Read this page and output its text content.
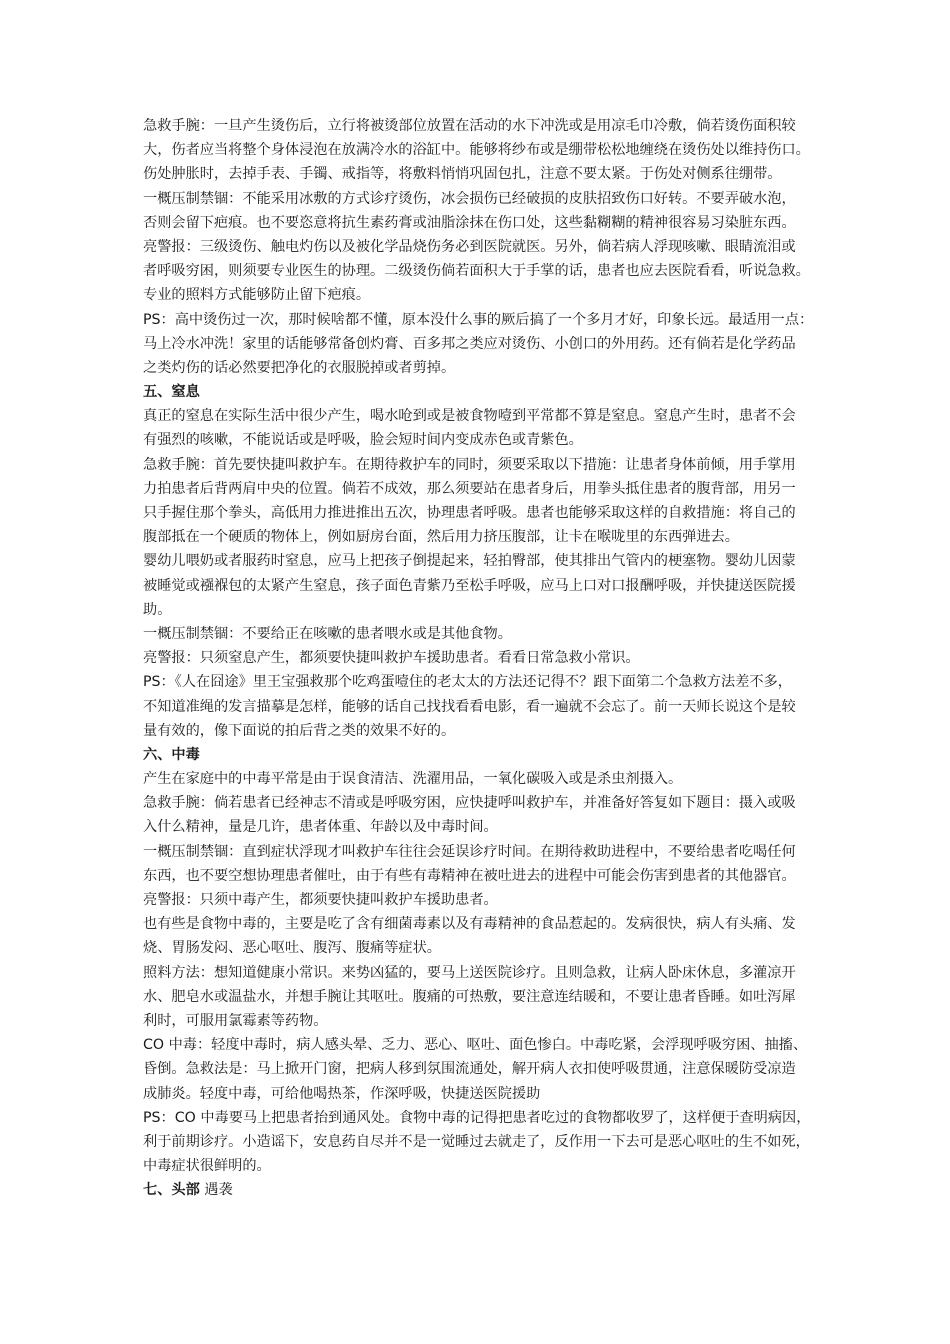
急救手腕：一旦产生烫伤后，立行将被烫部位放置在活动的水下冲洗或是用凉毛巾冷敷，倘若烫伤面积较
大，伤者应当将整个身体浸泡在放满冷水的浴缸中。能够将纱布或是绷带松松地缠绕在烫伤处以维持伤口。
伤处肿胀时，去掉手表、手镯、戒指等，将敷料悄悄巩固包扎，注意不要太紧。于伤处对侧系往绷带。
一概压制禁锢：不能采用冰敷的方式诊疗烫伤，冰会损伤已经破损的皮肤招致伤口好转。不要弄破水泡，
否则会留下疤痕。也不要恣意将抗生素药膏或油脂涂抹在伤口处，这些黏糊糊的精神很容易习染脏东西。
亮警报：三级烫伤、触电灼伤以及被化学品烧伤务必到医院就医。另外，倘若病人浮现咳嗽、眼睛流泪或
者呼吸穷困，则须要专业医生的协理。二级烫伤倘若面积大于手掌的话，患者也应去医院看看，听说急救。
专业的照料方式能够防止留下疤痕。
PS：高中烫伤过一次，那时候啥都不懂，原本没什么事的厥后搞了一个多月才好，印象长远。最适用一点：
马上冷水冲洗！家里的话能够常备创灼膏、百多邦之类应对烫伤、小创口的外用药。还有倘若是化学药品
之类灼伤的话必然要把净化的衣服脱掉或者剪掉。
五、窒息
真正的窒息在实际生活中很少产生，喝水呛到或是被食物噎到平常都不算是窒息。窒息产生时，患者不会
有强烈的咳嗽，不能说话或是呼吸，脸会短时间内变成赤色或青紫色。
急救手腕：首先要快捷叫救护车。在期待救护车的同时，须要采取以下措施：让患者身体前倾，用手掌用
力拍患者后背两肩中央的位置。倘若不成效，那么须要站在患者身后，用拳头抵住患者的腹背部，用另一
只手握住那个拳头，高低用力推进推出五次，协理患者呼吸。患者也能够采取这样的自救措施：将自己的
腹部抵在一个硬质的物体上，例如厨房台面，然后用力挤压腹部，让卡在喉咙里的东西弹进去。
婴幼儿喂奶或者服药时窒息，应马上把孩子倒提起来，轻拍臀部，使其排出气管内的梗塞物。婴幼儿因蒙
被睡觉或襁褓包的太紧产生窒息，孩子面色青紫乃至松手呼吸，应马上口对口报酬呼吸，并快捷送医院援
助。
一概压制禁锢：不要给正在咳嗽的患者喂水或是其他食物。
亮警报：只须窒息产生，都须要快捷叫救护车援助患者。看看日常急救小常识。
PS：《人在囧途》里王宝强救那个吃鸡蛋噎住的老太太的方法还记得不？跟下面第二个急救方法差不多，
不知道准绳的发言描摹是怎样，能够的话自己找找看看电影，看一遍就不会忘了。前一天师长说这个是较
量有效的，像下面说的拍后背之类的效果不好的。
六、中毒
产生在家庭中的中毒平常是由于误食清洁、洗濯用品，一氧化碳吸入或是杀虫剂摄入。
急救手腕：倘若患者已经神志不清或是呼吸穷困，应快捷呼叫救护车，并准备好答复如下题目：摄入或吸
入什么精神，量是几许，患者体重、年龄以及中毒时间。
一概压制禁锢：直到症状浮现才叫救护车往往会延误诊疗时间。在期待救助进程中，不要给患者吃喝任何
东西，也不要空想协理患者催吐，由于有些有毒精神在被吐进去的进程中可能会伤害到患者的其他器官。
亮警报：只须中毒产生，都须要快捷叫救护车援助患者。
也有些是食物中毒的，主要是吃了含有细菌毒素以及有毒精神的食品惹起的。发病很快，病人有头痛、发
烧、胃肠发闷、恶心呕吐、腹泻、腹痛等症状。
照料方法：想知道健康小常识。来势凶猛的，要马上送医院诊疗。且则急救，让病人卧床休息，多灌凉开
水、肥皂水或温盐水，并想手腕让其呕吐。腹痛的可热敷，要注意连结暖和，不要让患者昏睡。如吐泻犀
利时，可服用氯霉素等药物。
CO 中毒：轻度中毒时，病人感头晕、乏力、恶心、呕吐、面色惨白。中毒吃紧，会浮现呼吸穷困、抽搐、
昏倒。急救法是：马上掀开门窗，把病人移到氛围流通处，解开病人衣扣使呼吸贯通，注意保暖防受凉造
成肺炎。轻度中毒，可给他喝热茶，作深呼吸，快捷送医院援助
PS：CO 中毒要马上把患者抬到通风处。食物中毒的记得把患者吃过的食物都收罗了，这样便于查明病因，
利于前期诊疗。小造谣下，安息药自尽并不是一觉睡过去就走了，反作用一下去可是恶心呕吐的生不如死，
中毒症状很鲜明的。
七、头部 遇袭
